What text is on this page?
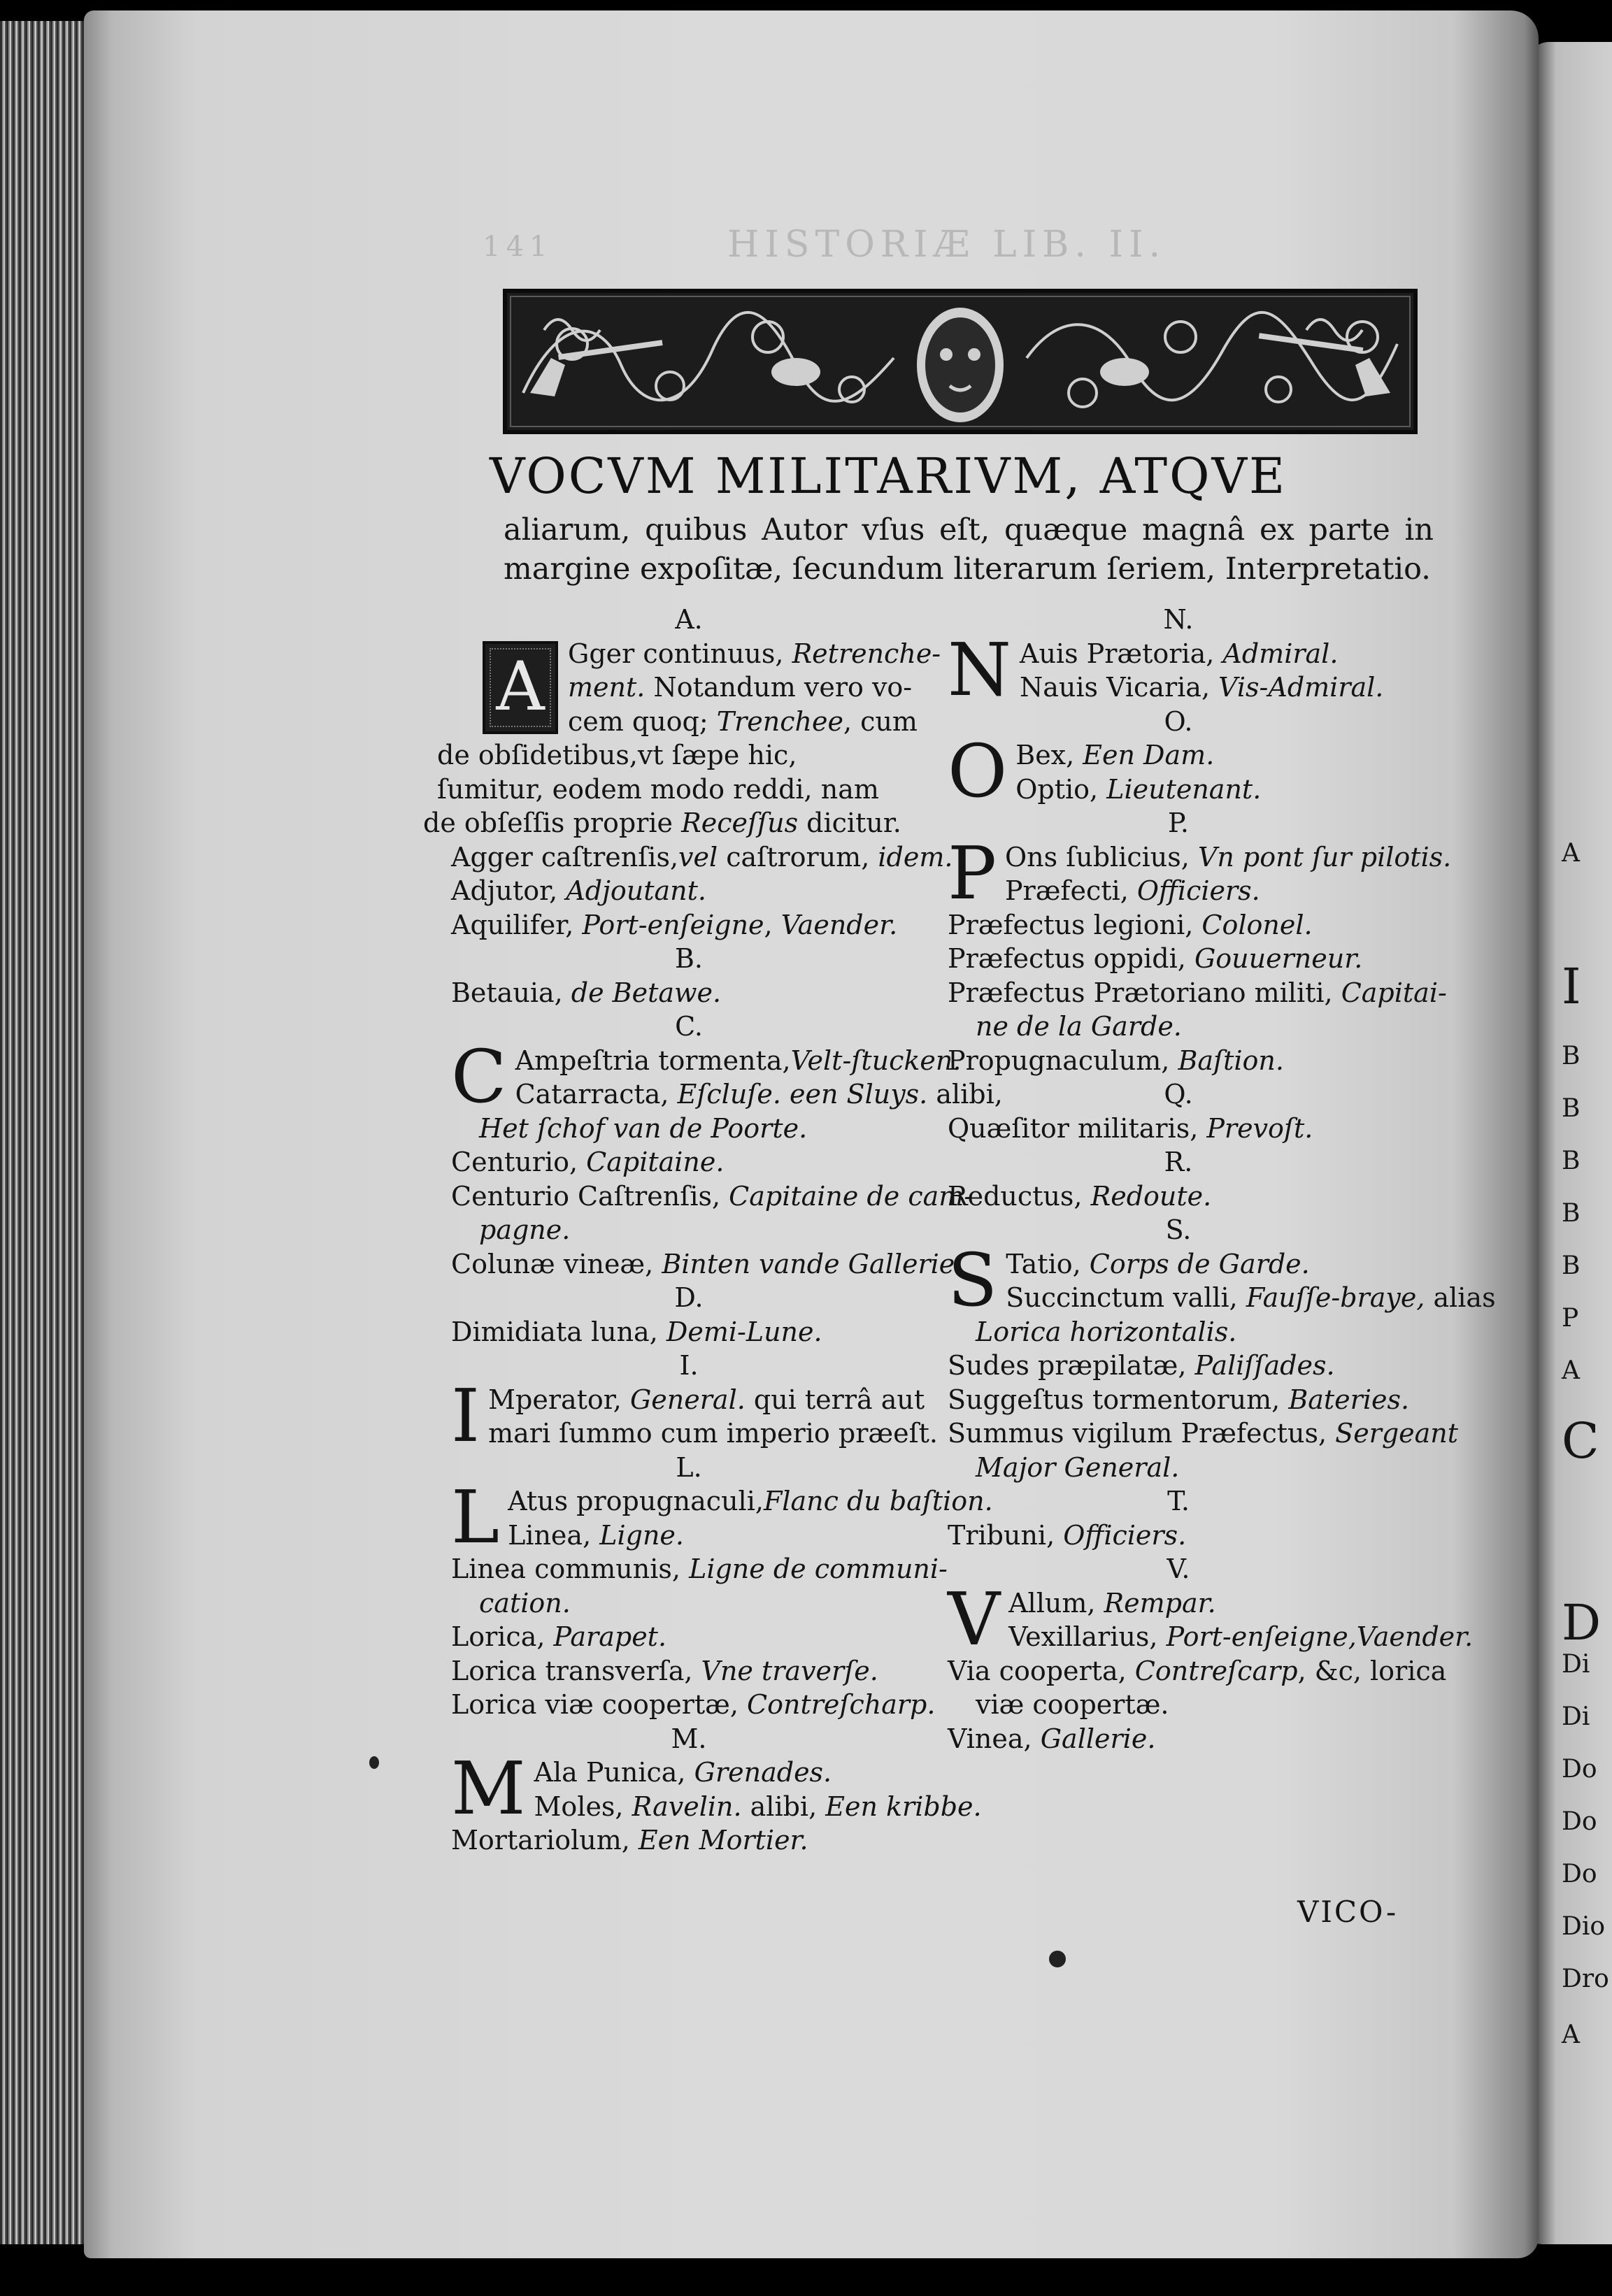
A
I
B
B
B
B
B
P
A
C
D
Di
Di
Do
Do
Do
Dio
Dro
A
141	HISTORIÆ LIB. II.
VOCVM MILITARIVM, ATQVE
aliarum, quibus Autor vſus eſt, quæque magnâ ex parte in margine expoſitæ, ſecundum literarum ſeriem, Interpretatio.
A.
A Gger continuus, Retrenche-
ment. Notandum vero vo-
cem quoq; Trenchee, cum
de obſidetibus,vt ſæpe hic,
ſumitur, eodem modo reddi, nam
de obſeſſis proprie Receſſus dicitur.
Agger caſtrenſis,vel caſtrorum, idem.
Adjutor, Adjoutant.
Aquilifer, Port-enſeigne, Vaender.
B.
Betauia, de Betawe.
C.
C Ampeſtria tormenta,Velt-ſtucken.
Catarracta, Eſcluſe. een Sluys. alibi,
Het ſchof van de Poorte.
Centurio, Capitaine.
Centurio Caſtrenſis, Capitaine de cam-
pagne.
Colunæ vineæ, Binten vande Gallerie.
D.
Dimidiata luna, Demi-Lune.
I.
I Mperator, General. qui terrâ aut
mari ſummo cum imperio præeſt.
L.
L Atus propugnaculi,Flanc du baſtion.
Linea, Ligne.
Linea communis, Ligne de communi-
cation.
Lorica, Parapet.
Lorica transverſa, Vne traverſe.
Lorica viæ coopertæ, Contreſcharp.
M.
M Ala Punica, Grenades.
Moles, Ravelin. alibi, Een kribbe.
Mortariolum, Een Mortier.
N.
N Auis Prætoria, Admiral.
Nauis Vicaria, Vis-Admiral.
O.
O Bex, Een Dam.
Optio, Lieutenant.
P.
P Ons ſublicius, Vn pont ſur pilotis.
Præfecti, Officiers.
Præfectus legioni, Colonel.
Præfectus oppidi, Gouuerneur.
Præfectus Prætoriano militi, Capitai-
ne de la Garde.
Propugnaculum, Baſtion.
Q.
Quæſitor militaris, Prevoſt.
R.
Reductus, Redoute.
S.
S Tatio, Corps de Garde.
Succinctum valli, Fauſſe-braye, alias
Lorica horizontalis.
Sudes præpilatæ, Paliſſades.
Suggeſtus tormentorum, Bateries.
Summus vigilum Præfectus, Sergeant
Major General.
T.
Tribuni, Officiers.
V.
V Allum, Rempar.
Vexillarius, Port-enſeigne,Vaender.
Via cooperta, Contreſcarp, &c, lorica
viæ coopertæ.
Vinea, Gallerie.
VICO-
